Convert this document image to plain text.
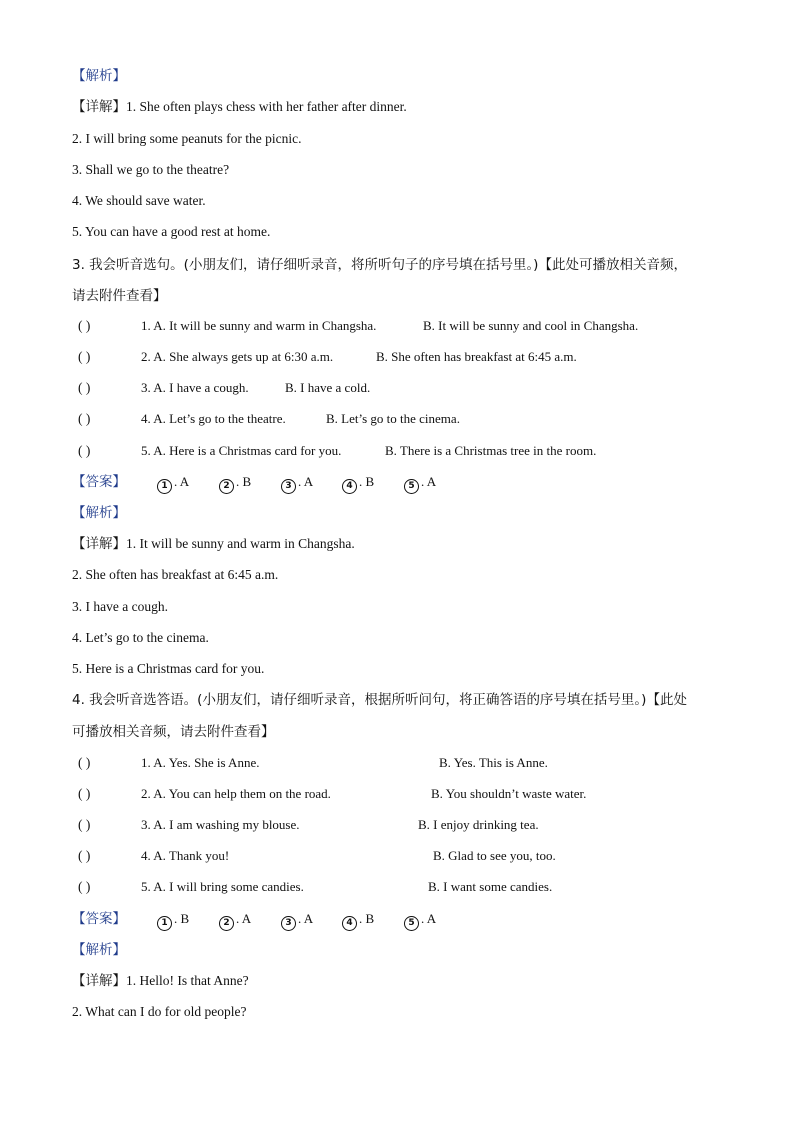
【解析】
【详解】1. She often plays chess with her father after dinner.
2. I will bring some peanuts for the picnic.
3. Shall we go to the theatre?
4. We should save water.
5. You can have a good rest at home.
3. 我会听音选句。(小朋友们，请仔细听录音，将所听句子的序号填在括号里。)【此处可播放相关音频，
请去附件查看】
( )	1. A. It will be sunny and warm in Changsha.	B. It will be sunny and cool in Changsha.
( )	2. A. She always gets up at 6:30 a.m.	B. She often has breakfast at 6:45 a.m.
( )	3. A. I have a cough.	B. I have a cold.
( )	4. A. Let’s go to the theatre.	B. Let’s go to the cinema.
( )	5. A. Here is a Christmas card for you.	B. There is a Christmas tree in the room.
【答案】	1 . A	2 . B	3 . A	4 . B	5 . A
【解析】
【详解】1. It will be sunny and warm in Changsha.
2. She often has breakfast at 6:45 a.m.
3. I have a cough.
4. Let’s go to the cinema.
5. Here is a Christmas card for you.
4. 我会听音选答语。(小朋友们，请仔细听录音，根据所听问句，将正确答语的序号填在括号里。)【此处
可播放相关音频，请去附件查看】
( )	1. A. Yes. She is Anne.	B. Yes. This is Anne.
( )	2. A. You can help them on the road.	B. You shouldn’t waste water.
( )	3. A. I am washing my blouse.	B. I enjoy drinking tea.
( )	4. A. Thank you!	B. Glad to see you, too.
( )	5. A. I will bring some candies.	B. I want some candies.
【答案】	1 . B	2 . A	3 . A	4 . B	5 . A
【解析】
【详解】1. Hello! Is that Anne?
2. What can I do for old people?
